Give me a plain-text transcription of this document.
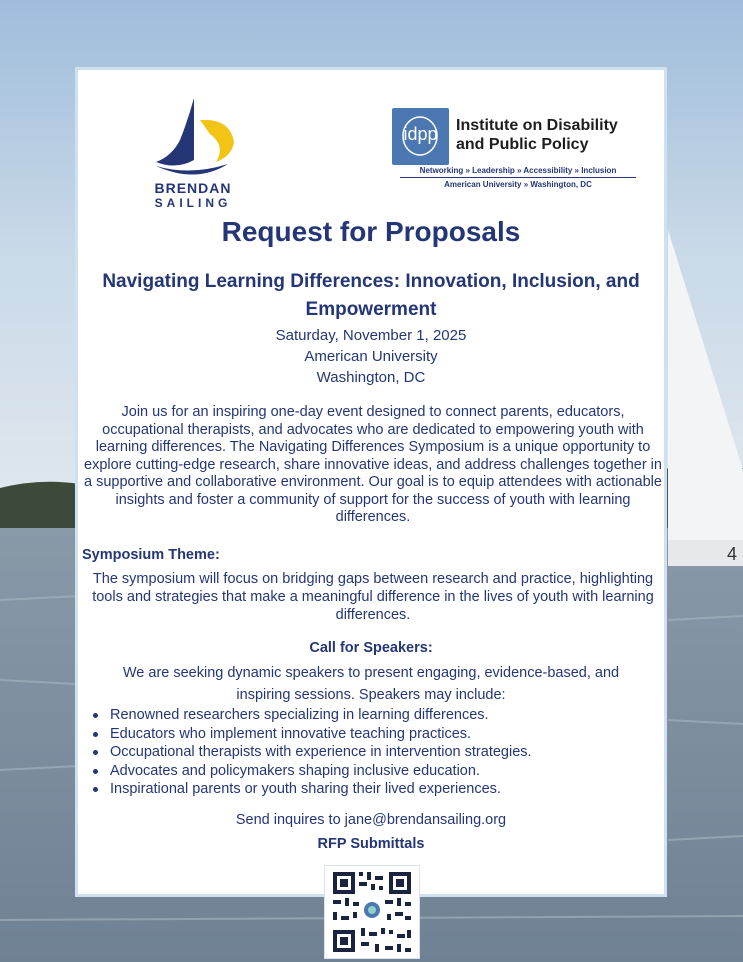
4
BRENDAN
SAILING
idpp	Institute on Disability
and Public Policy
Networking » Leadership » Accessibility » Inclusion
American University » Washington, DC
Request for Proposals
Navigating Learning Differences: Innovation, Inclusion, and Empowerment
Saturday, November 1, 2025
American University
Washington, DC
Join us for an inspiring one-day event designed to connect parents, educators, occupational therapists, and advocates who are dedicated to empowering youth with learning differences. The Navigating Differences Symposium is a unique opportunity to explore cutting-edge research, share innovative ideas, and address challenges together in a supportive and collaborative environment. Our goal is to equip attendees with actionable insights and foster a community of support for the success of youth with learning differences.
Symposium Theme:
The symposium will focus on bridging gaps between research and practice, highlighting tools and strategies that make a meaningful difference in the lives of youth with learning differences.
Call for Speakers:
We are seeking dynamic speakers to present engaging, evidence-based, and inspiring sessions. Speakers may include:
Renowned researchers specializing in learning differences.
Educators who implement innovative teaching practices.
Occupational therapists with experience in intervention strategies.
Advocates and policymakers shaping inclusive education.
Inspirational parents or youth sharing their lived experiences.
Send inquires to jane@brendansailing.org
RFP Submittals
